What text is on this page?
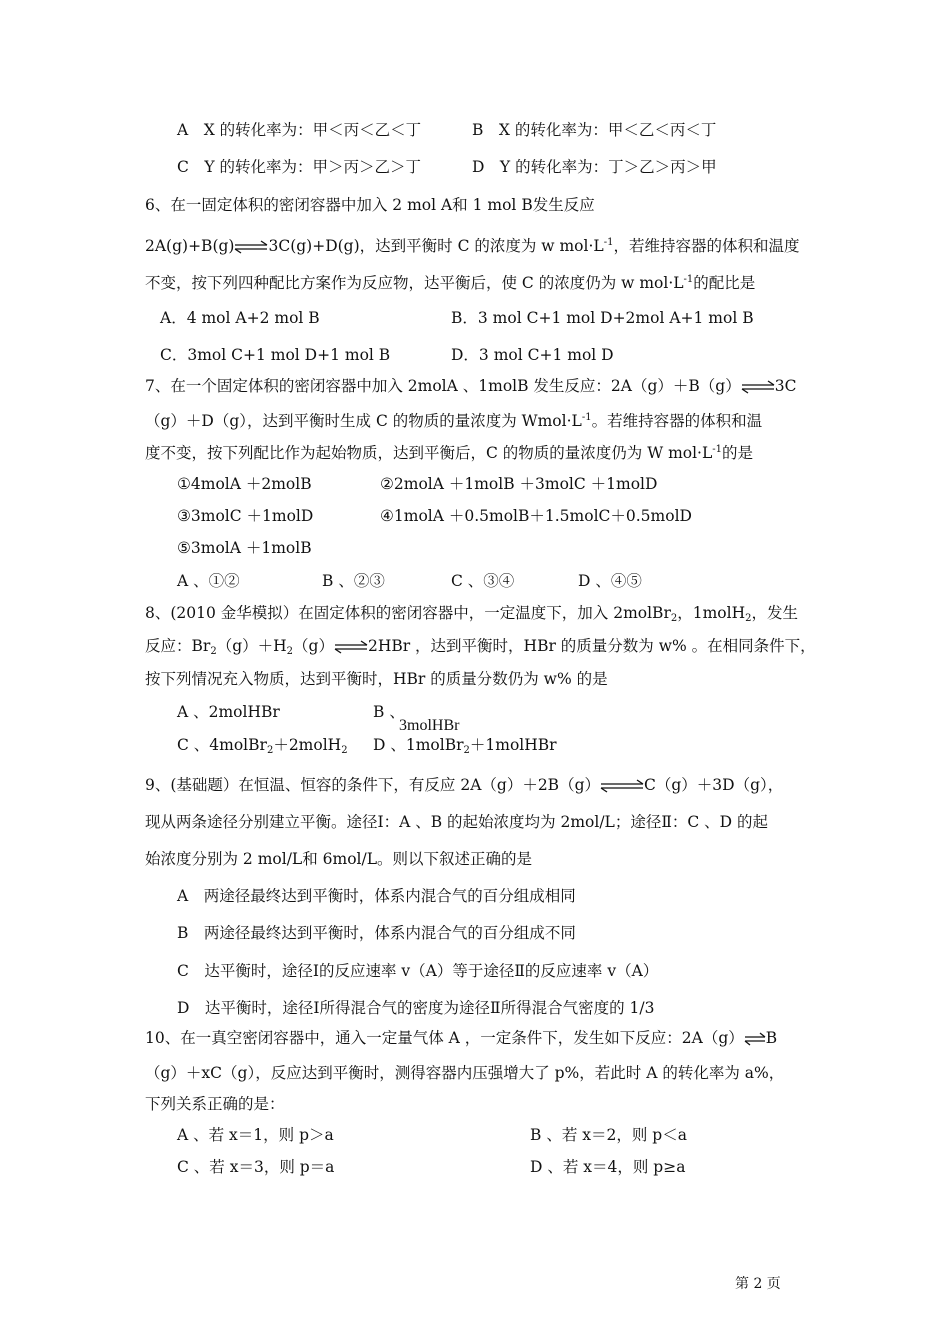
A　X 的转化率为：甲＜丙＜乙＜丁	B　X 的转化率为：甲＜乙＜丙＜丁
C　Y 的转化率为：甲＞丙＞乙＞丁	D　Y 的转化率为：丁＞乙＞丙＞甲
6、在一固定体积的密闭容器中加入 2 mol A和 1 mol B发生反应
2A(g)+B(g)⇌3C(g)+D(g)，达到平衡时 C 的浓度为 w $mol\cdot L^{-1}$，若维持容器的体积和温度
不变，按下列四种配比方案作为反应物，达平衡后，使 C 的浓度仍为 w $mol\cdot L^{-1}$的配比是
A．4 mol A+2 mol B	B．3 mol C+1 mol D+2mol A+1 mol B
C．3mol C+1 mol D+1 mol B	D．3 mol C+1 mol D
7、在一个固定体积的密闭容器中加入 2molA 、1molB 发生反应：2A（g）＋B（g）⇌3C
（g）＋D（g），达到平衡时生成 C 的物质的量浓度为 $Wmol\cdot L^{-1}$。若维持容器的体积和温
度不变，按下列配比作为起始物质，达到平衡后，C 的物质的量浓度仍为 W $mol\cdot L^{-1}$的是
①4molA ＋2molB	②2molA ＋1molB ＋3molC ＋1molD
③3molC ＋1molD	④1molA ＋0.5molB＋1.5molC＋0.5molD
⑤3molA ＋1molB
A 、①②	B 、②③	C 、③④	D 、④⑤
8、(2010 金华模拟）在固定体积的密闭容器中，一定温度下，加入 2molBr$_2$，1molH$_2$，发生
反应：$Br_2(g)+H_2(g)\rightleftharpoons 2HBr$ ，达到平衡时，HBr 的质量分数为 w% 。在相同条件下，
按下列情况充入物质，达到平衡时，HBr 的质量分数仍为 w% 的是
A 、2molHBr	B 、
3molHBr
C 、4molBr$_2$＋2molH$_2$ D 、1molBr$_2$＋1molHBr
9、(基础题）在恒温、恒容的条件下，有反应 2A（g）＋2B（g）⇌C（g）＋3D（g），
现从两条途径分别建立平衡。途径Ⅰ：A 、B 的起始浓度均为 2mol/L；途径Ⅱ：C 、D 的起
始浓度分别为 2 mol/L和 6mol/L。则以下叙述正确的是
A　两途径最终达到平衡时，体系内混合气的百分组成相同
B　两途径最终达到平衡时，体系内混合气的百分组成不同
C　达平衡时，途径Ⅰ的反应速率 v（A）等于途径Ⅱ的反应速率 v（A）
D　达平衡时，途径Ⅰ所得混合气的密度为途径Ⅱ所得混合气密度的 1/3
10、在一真空密闭容器中，通入一定量气体 A ，一定条件下，发生如下反应：2A（g）⇌B
（g）＋xC（g），反应达到平衡时，测得容器内压强增大了 p%，若此时 A 的转化率为 a%，
下列关系正确的是：
A 、若 x＝1，则 p＞a	B 、若 x＝2，则 p＜a
C 、若 x＝3，则 p＝a	D 、若 x＝4，则 p≥a
第 2 页
